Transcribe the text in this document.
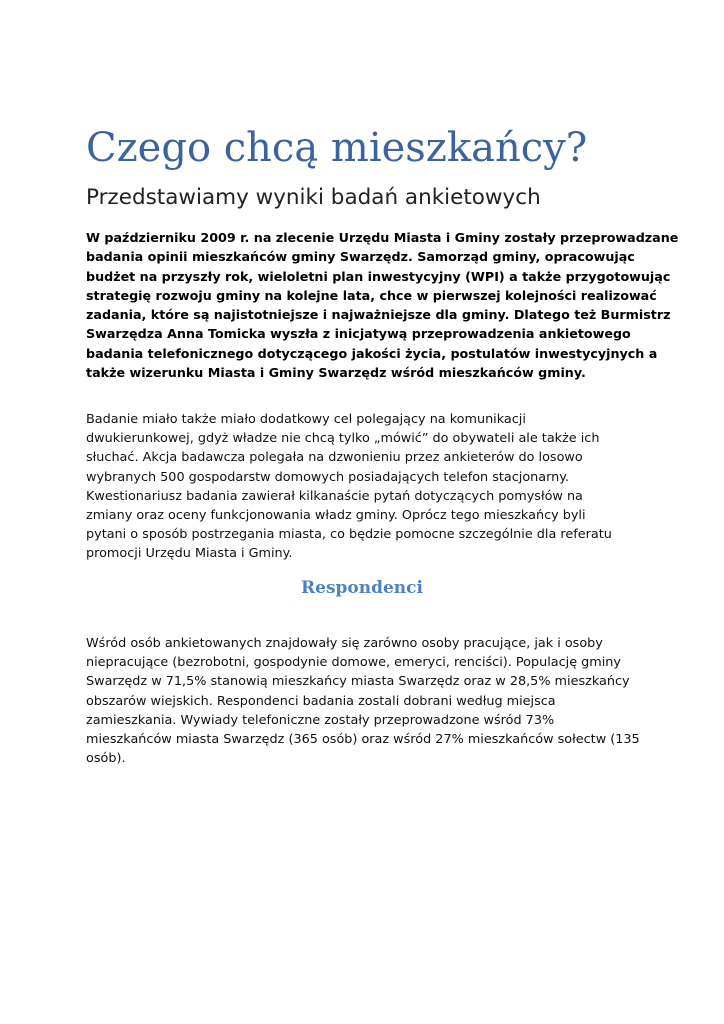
Czego chcą mieszkańcy?
Przedstawiamy wyniki badań ankietowych

W październiku 2009 r. na zlecenie Urzędu Miasta i Gminy zostały przeprowadzane
badania opinii mieszkańców gminy Swarzędz. Samorząd gminy, opracowując
budżet na przyszły rok, wieloletni plan inwestycyjny (WPI) a także przygotowując
strategię rozwoju gminy na kolejne lata, chce w pierwszej kolejności realizować
zadania, które są najistotniejsze i najważniejsze dla gminy. Dlatego też Burmistrz
Swarzędza Anna Tomicka wyszła z inicjatywą przeprowadzenia ankietowego
badania telefonicznego dotyczącego jakości życia, postulatów inwestycyjnych a
także wizerunku Miasta i Gminy Swarzędz wśród mieszkańców gminy.

Badanie miało także miało dodatkowy cel polegający na komunikacji
dwukierunkowej, gdyż władze nie chcą tylko „mówić” do obywateli ale także ich
słuchać. Akcja badawcza polegała na dzwonieniu przez ankieterów do losowo
wybranych 500 gospodarstw domowych posiadających telefon stacjonarny.
Kwestionariusz badania zawierał kilkanaście pytań dotyczących pomysłów na
zmiany oraz oceny funkcjonowania władz gminy. Oprócz tego mieszkańcy byli
pytani o sposób postrzegania miasta, co będzie pomocne szczególnie dla referatu
promocji Urzędu Miasta i Gminy.

Respondenci

Wśród osób ankietowanych znajdowały się zarówno osoby pracujące, jak i osoby
niepracujące (bezrobotni, gospodynie domowe, emeryci, renciści). Populację gminy
Swarzędz w 71,5% stanowią mieszkańcy miasta Swarzędz oraz w 28,5% mieszkańcy
obszarów wiejskich. Respondenci badania zostali dobrani według miejsca
zamieszkania. Wywiady telefoniczne zostały przeprowadzone wśród 73%
mieszkańców miasta Swarzędz (365 osób) oraz wśród 27% mieszkańców sołectw (135
osób).
